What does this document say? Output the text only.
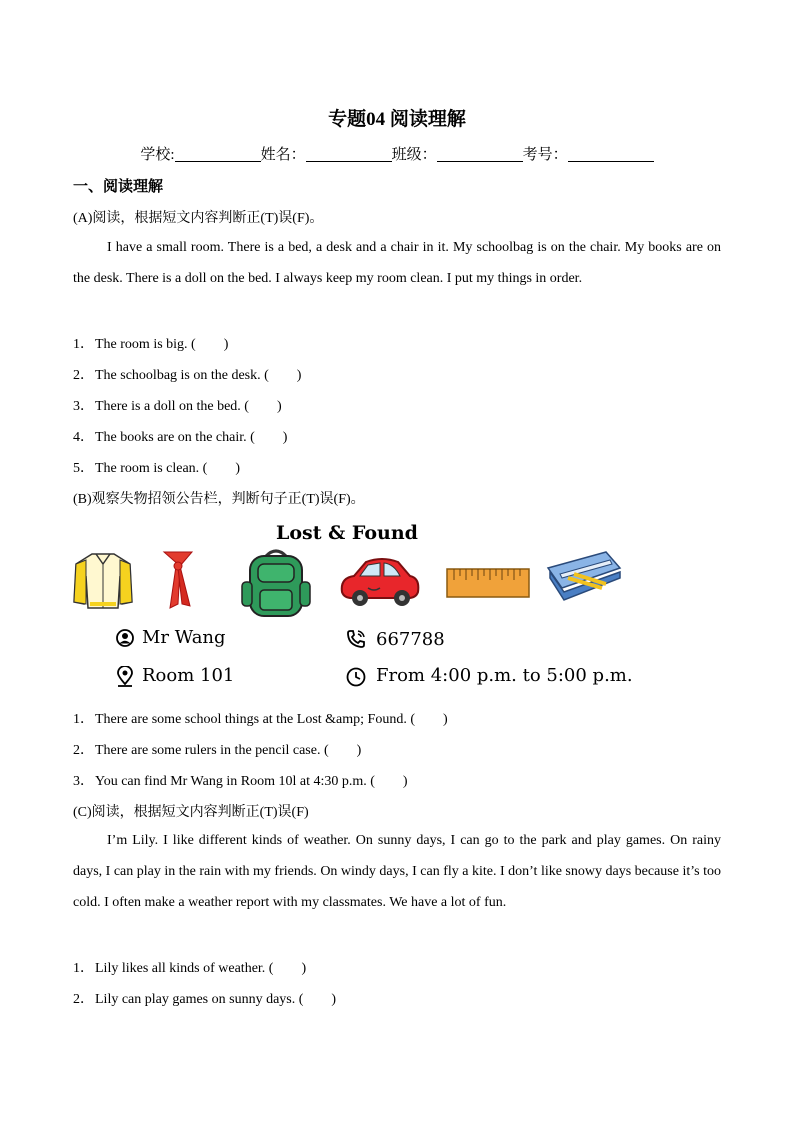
专题04 阅读理解
学校:	姓名：	班级：	考号：
一、阅读理解
(A)阅读，根据短文内容判断正(T)误(F)。
I have a small room. There is a bed, a desk and a chair in it. My schoolbag is on the chair. My books are on the desk. There is a doll on the bed. I always keep my room clean. I put my things in order.
1．The room is big. (　　)
2．The schoolbag is on the desk. (　　)
3．There is a doll on the bed. (　　)
4．The books are on the chair. (　　)
5．The room is clean. (　　)
(B)观察失物招领公告栏，判断句子正(T)误(F)。
Lost & Found
Mr Wang	667788
Room 101	From 4:00 p.m. to 5:00 p.m.
1．There are some school things at the Lost &amp; Found. (　　)
2．There are some rulers in the pencil case. (　　)
3．You can find Mr Wang in Room 10l at 4:30 p.m. (　　)
(C)阅读，根据短文内容判断正(T)误(F)
I’m Lily. I like different kinds of weather. On sunny days, I can go to the park and play games. On rainy days, I can play in the rain with my friends. On windy days, I can fly a kite. I don’t like snowy days because it’s too cold. I often make a weather report with my classmates. We have a lot of fun.
1．Lily likes all kinds of weather. (　　)
2．Lily can play games on sunny days. (　　)
